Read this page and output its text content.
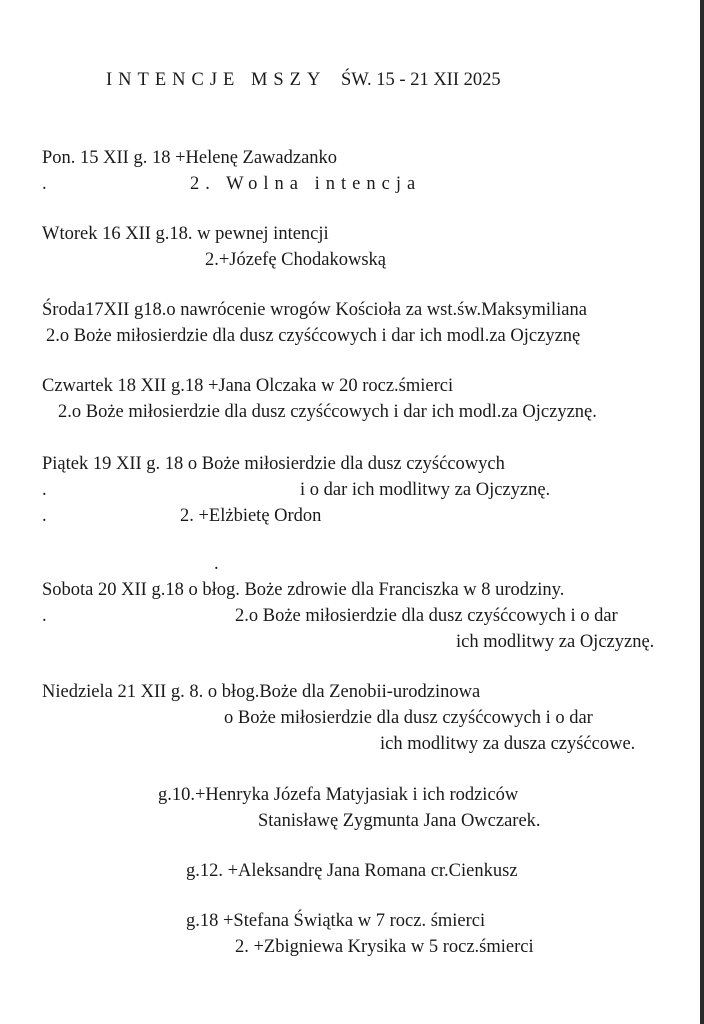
INTENCJE MSZY ŚW. 15 - 21 XII 2025
Pon. 15 XII g. 18 +Helenę Zawadzanko
.	2. Wolna intencja
Wtorek 16 XII g.18. w pewnej intencji
2.+Józefę Chodakowską
Środa17XII g18.o nawrócenie wrogów Kościoła za wst.św.Maksymiliana
2.o Boże miłosierdzie dla dusz czyśćcowych i dar ich modl.za Ojczyznę
Czwartek 18 XII g.18 +Jana Olczaka w 20 rocz.śmierci
2.o Boże miłosierdzie dla dusz czyśćcowych i dar ich modl.za Ojczyznę.
Piątek 19 XII g. 18 o Boże miłosierdzie dla dusz czyśćcowych
.	i o dar ich modlitwy za Ojczyznę.
.	2. +Elżbietę Ordon
.
Sobota 20 XII g.18 o błog. Boże zdrowie dla Franciszka w 8 urodziny.
.	2.o Boże miłosierdzie dla dusz czyśćcowych i o dar
ich modlitwy za Ojczyznę.
Niedziela 21 XII g. 8. o błog.Boże dla Zenobii-urodzinowa
o Boże miłosierdzie dla dusz czyśćcowych i o dar
ich modlitwy za dusza czyśćcowe.
g.10.+Henryka Józefa Matyjasiak i ich rodziców
Stanisławę Zygmunta Jana Owczarek.
g.12. +Aleksandrę Jana Romana cr.Cienkusz
g.18 +Stefana Świątka w 7 rocz. śmierci
2. +Zbigniewa Krysika w 5 rocz.śmierci
